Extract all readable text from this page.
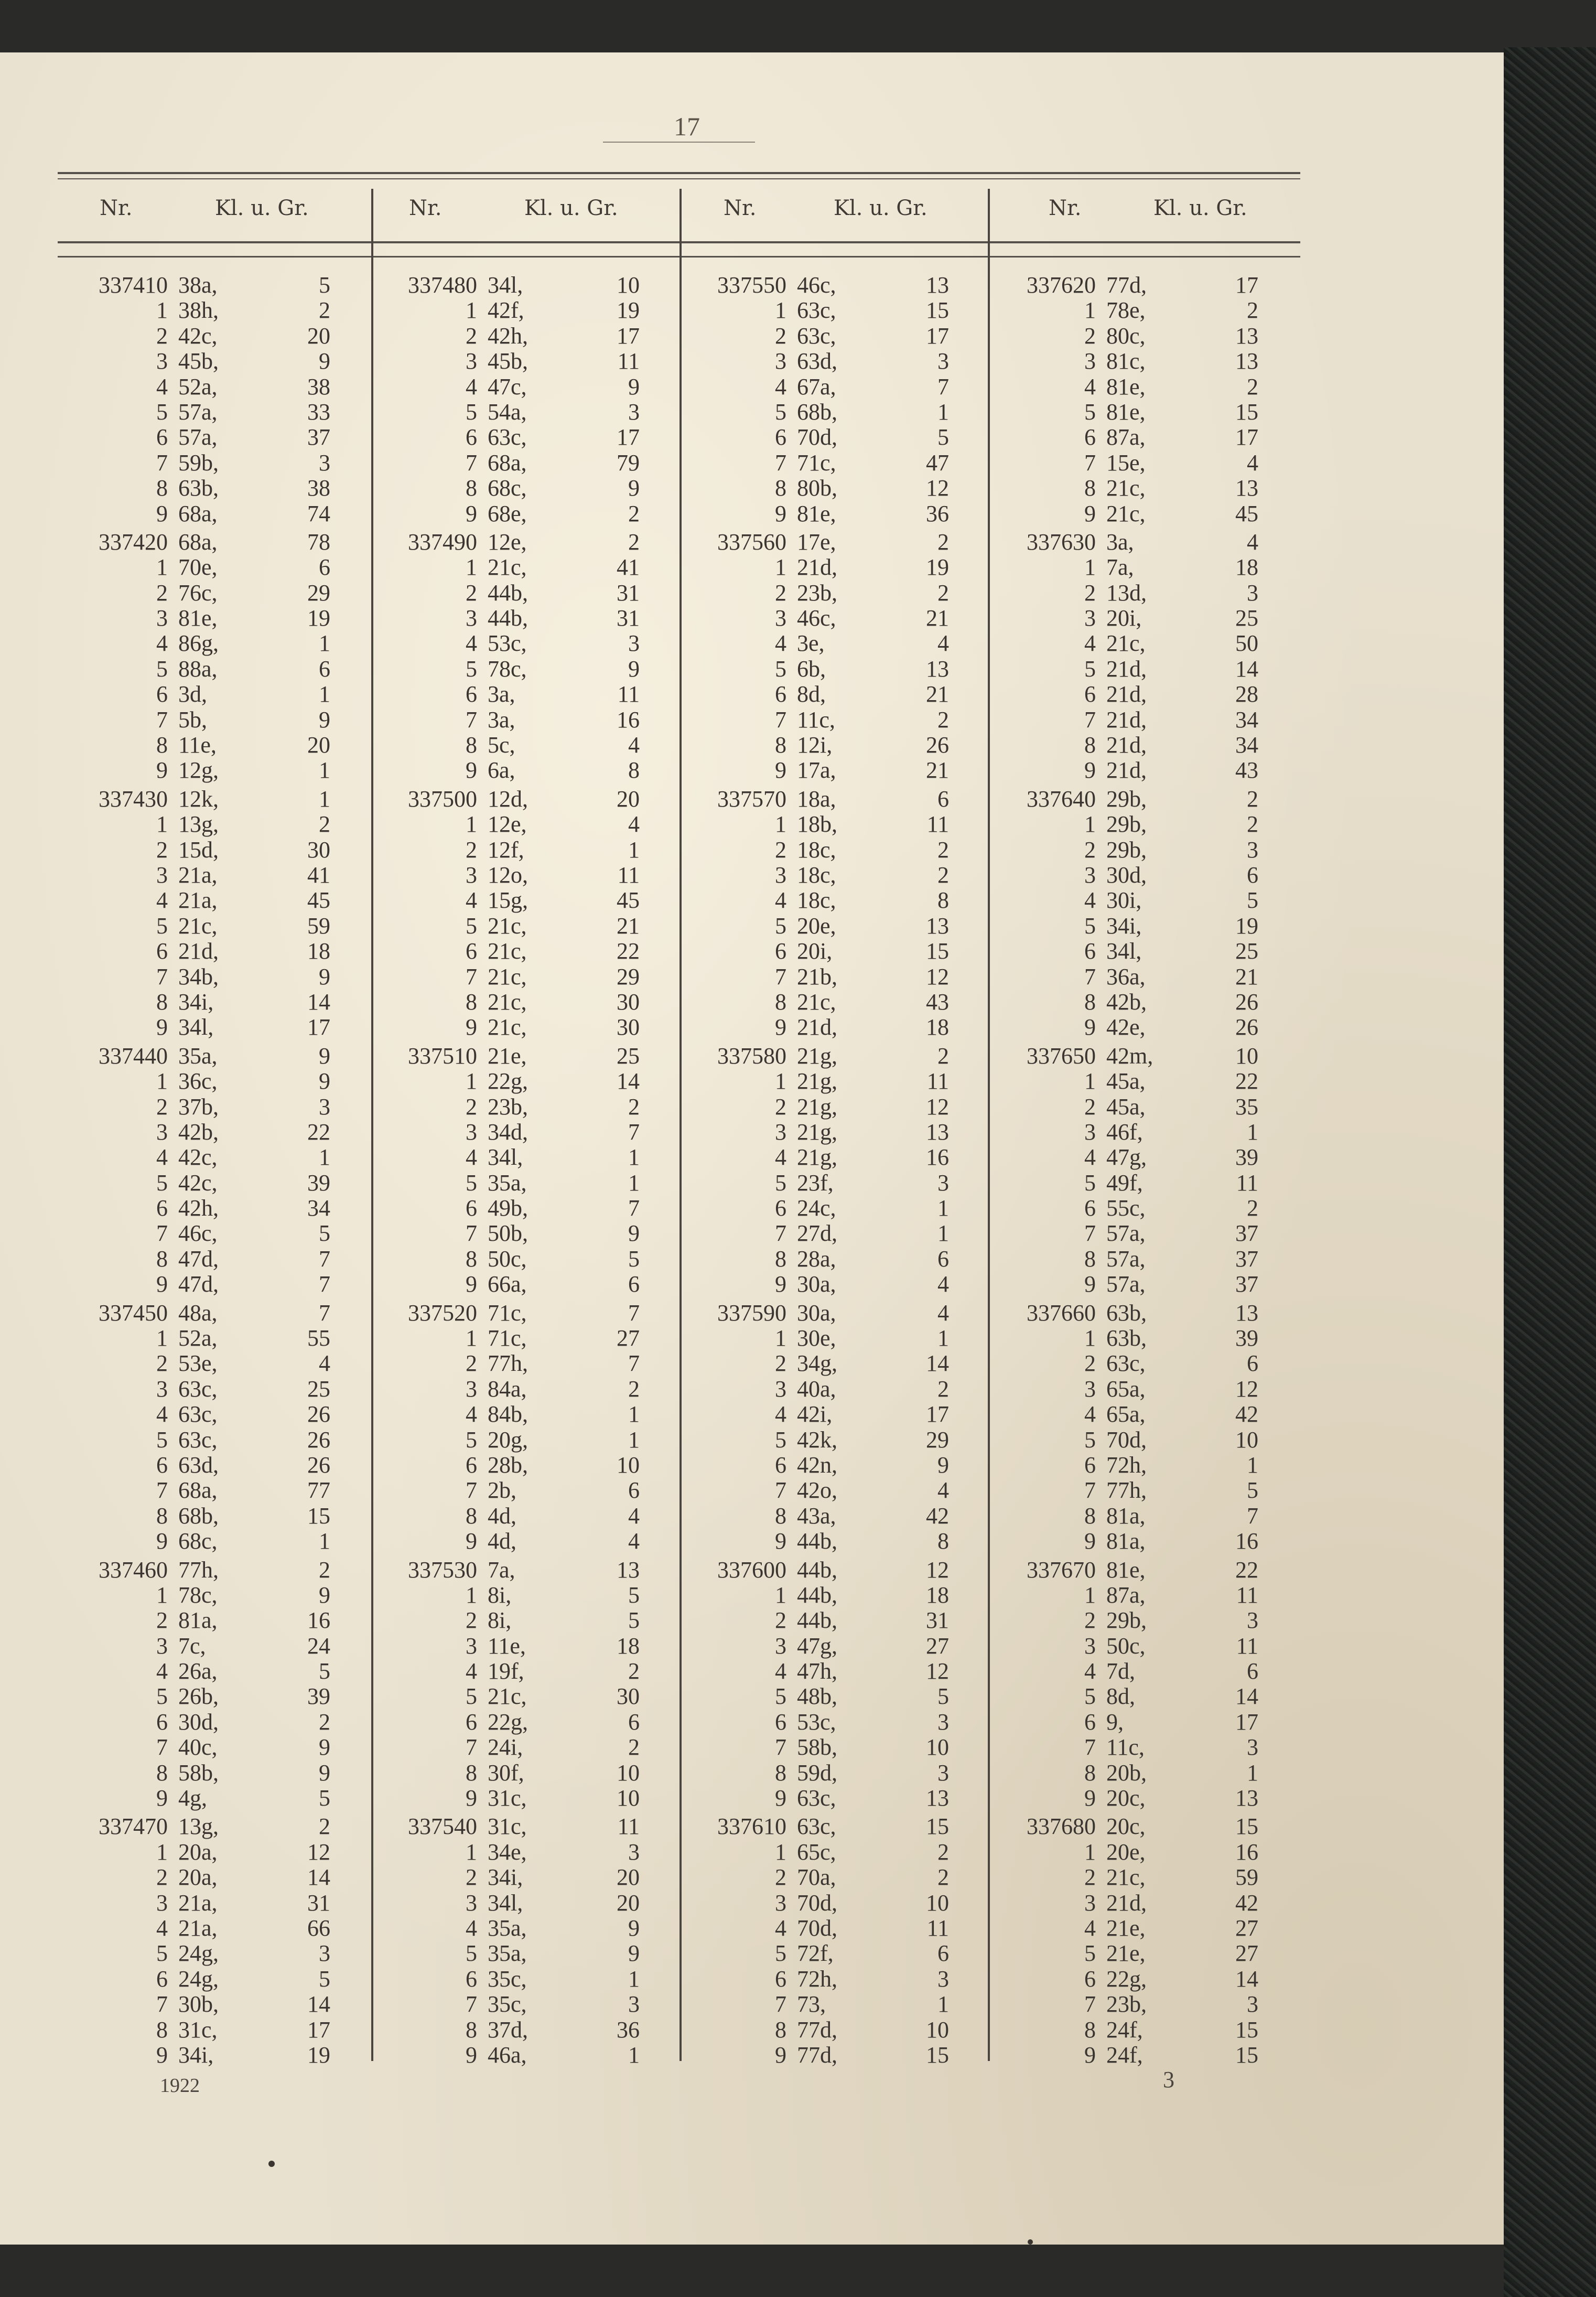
17
Nr.	Kl. u. Gr.	Nr.	Kl. u. Gr.	Nr.	Kl. u. Gr.	Nr.	Kl. u. Gr.
337410 38a,	5
1 38h,	2
2 42c,	20
3 45b,	9
4 52a,	38
5 57a,	33
6 57a,	37
7 59b,	3
8 63b,	38
9 68a,	74
337420 68a,	78
1 70e,	6
2 76c,	29
3 81e,	19
4 86g,	1
5 88a,	6
6 3d,	1
7 5b,	9
8 11e,	20
9 12g,	1
337430 12k,	1
1 13g,	2
2 15d,	30
3 21a,	41
4 21a,	45
5 21c,	59
6 21d,	18
7 34b,	9
8 34i,	14
9 34l,	17
337440 35a,	9
1 36c,	9
2 37b,	3
3 42b,	22
4 42c,	1
5 42c,	39
6 42h,	34
7 46c,	5
8 47d,	7
9 47d,	7
337450 48a,	7
1 52a,	55
2 53e,	4
3 63c,	25
4 63c,	26
5 63c,	26
6 63d,	26
7 68a,	77
8 68b,	15
9 68c,	1
337460 77h,	2
1 78c,	9
2 81a,	16
3 7c,	24
4 26a,	5
5 26b,	39
6 30d,	2
7 40c,	9
8 58b,	9
9 4g,	5
337470 13g,	2
1 20a,	12
2 20a,	14
3 21a,	31
4 21a,	66
5 24g,	3
6 24g,	5
7 30b,	14
8 31c,	17
9 34i,	19
337480 34l,	10
1 42f,	19
2 42h,	17
3 45b,	11
4 47c,	9
5 54a,	3
6 63c,	17
7 68a,	79
8 68c,	9
9 68e,	2
337490 12e,	2
1 21c,	41
2 44b,	31
3 44b,	31
4 53c,	3
5 78c,	9
6 3a,	11
7 3a,	16
8 5c,	4
9 6a,	8
337500 12d,	20
1 12e,	4
2 12f,	1
3 12o,	11
4 15g,	45
5 21c,	21
6 21c,	22
7 21c,	29
8 21c,	30
9 21c,	30
337510 21e,	25
1 22g,	14
2 23b,	2
3 34d,	7
4 34l,	1
5 35a,	1
6 49b,	7
7 50b,	9
8 50c,	5
9 66a,	6
337520 71c,	7
1 71c,	27
2 77h,	7
3 84a,	2
4 84b,	1
5 20g,	1
6 28b,	10
7 2b,	6
8 4d,	4
9 4d,	4
337530 7a,	13
1 8i,	5
2 8i,	5
3 11e,	18
4 19f,	2
5 21c,	30
6 22g,	6
7 24i,	2
8 30f,	10
9 31c,	10
337540 31c,	11
1 34e,	3
2 34i,	20
3 34l,	20
4 35a,	9
5 35a,	9
6 35c,	1
7 35c,	3
8 37d,	36
9 46a,	1
337550 46c,	13
1 63c,	15
2 63c,	17
3 63d,	3
4 67a,	7
5 68b,	1
6 70d,	5
7 71c,	47
8 80b,	12
9 81e,	36
337560 17e,	2
1 21d,	19
2 23b,	2
3 46c,	21
4 3e,	4
5 6b,	13
6 8d,	21
7 11c,	2
8 12i,	26
9 17a,	21
337570 18a,	6
1 18b,	11
2 18c,	2
3 18c,	2
4 18c,	8
5 20e,	13
6 20i,	15
7 21b,	12
8 21c,	43
9 21d,	18
337580 21g,	2
1 21g,	11
2 21g,	12
3 21g,	13
4 21g,	16
5 23f,	3
6 24c,	1
7 27d,	1
8 28a,	6
9 30a,	4
337590 30a,	4
1 30e,	1
2 34g,	14
3 40a,	2
4 42i,	17
5 42k,	29
6 42n,	9
7 42o,	4
8 43a,	42
9 44b,	8
337600 44b,	12
1 44b,	18
2 44b,	31
3 47g,	27
4 47h,	12
5 48b,	5
6 53c,	3
7 58b,	10
8 59d,	3
9 63c,	13
337610 63c,	15
1 65c,	2
2 70a,	2
3 70d,	10
4 70d,	11
5 72f,	6
6 72h,	3
7 73,	1
8 77d,	10
9 77d,	15
337620 77d,	17
1 78e,	2
2 80c,	13
3 81c,	13
4 81e,	2
5 81e,	15
6 87a,	17
7 15e,	4
8 21c,	13
9 21c,	45
337630 3a,	4
1 7a,	18
2 13d,	3
3 20i,	25
4 21c,	50
5 21d,	14
6 21d,	28
7 21d,	34
8 21d,	34
9 21d,	43
337640 29b,	2
1 29b,	2
2 29b,	3
3 30d,	6
4 30i,	5
5 34i,	19
6 34l,	25
7 36a,	21
8 42b,	26
9 42e,	26
337650 42m,	10
1 45a,	22
2 45a,	35
3 46f,	1
4 47g,	39
5 49f,	11
6 55c,	2
7 57a,	37
8 57a,	37
9 57a,	37
337660 63b,	13
1 63b,	39
2 63c,	6
3 65a,	12
4 65a,	42
5 70d,	10
6 72h,	1
7 77h,	5
8 81a,	7
9 81a,	16
337670 81e,	22
1 87a,	11
2 29b,	3
3 50c,	11
4 7d,	6
5 8d,	14
6 9,	17
7 11c,	3
8 20b,	1
9 20c,	13
337680 20c,	15
1 20e,	16
2 21c,	59
3 21d,	42
4 21e,	27
5 21e,	27
6 22g,	14
7 23b,	3
8 24f,	15
9 24f,	15
1922	3
